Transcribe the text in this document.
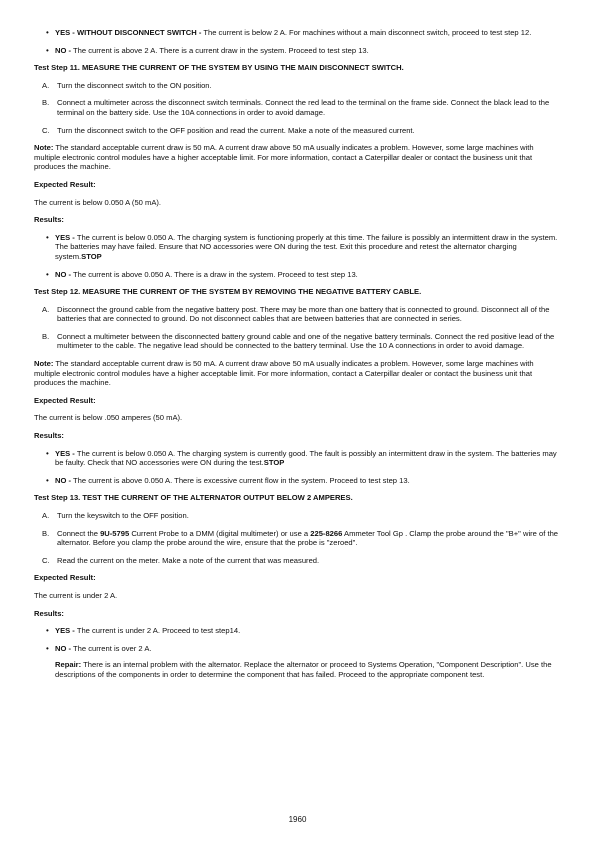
• YES - WITHOUT DISCONNECT SWITCH - The current is below 2 A. For machines without a main disconnect switch, proceed to test step 12.
• NO - The current is above 2 A. There is a current draw in the system. Proceed to test step 13.

Test Step 11. MEASURE THE CURRENT OF THE SYSTEM BY USING THE MAIN DISCONNECT SWITCH.

A. Turn the disconnect switch to the ON position.
B. Connect a multimeter across the disconnect switch terminals. Connect the red lead to the terminal on the frame side. Connect the black lead to the terminal on the battery side. Use the 10A connections in order to avoid damage.
C. Turn the disconnect switch to the OFF position and read the current. Make a note of the measured current.

Note: The standard acceptable current draw is 50 mA. A current draw above 50 mA usually indicates a problem. However, some large machines with multiple electronic control modules have a higher acceptable limit. For more information, contact a Caterpillar dealer or contact the business unit that produces the machine.

Expected Result:

The current is below 0.050 A (50 mA).

Results:

• YES - The current is below 0.050 A. The charging system is functioning properly at this time. The failure is possibly an intermittent draw in the system. The batteries may have failed. Ensure that NO accessories were ON during the test. Exit this procedure and retest the alternator charging system.STOP
• NO - The current is above 0.050 A. There is a draw in the system. Proceed to test step 13.

Test Step 12. MEASURE THE CURRENT OF THE SYSTEM BY REMOVING THE NEGATIVE BATTERY CABLE.

A. Disconnect the ground cable from the negative battery post. There may be more than one battery that is connected to ground. Disconnect all of the batteries that are connected to ground. Do not disconnect cables that are between batteries that are connected in series.
B. Connect a multimeter between the disconnected battery ground cable and one of the negative battery terminals. Connect the red positive lead of the multimeter to the cable. The negative lead should be connected to the battery terminal. Use the 10 A connections in order to avoid damage.

Note: The standard acceptable current draw is 50 mA. A current draw above 50 mA usually indicates a problem. However, some large machines with multiple electronic control modules have a higher acceptable limit. For more information, contact a Caterpillar dealer or contact the business unit that produces the machine.

Expected Result:

The current is below .050 amperes (50 mA).

Results:

• YES - The current is below 0.050 A. The charging system is currently good. The fault is possibly an intermittent draw in the system. The batteries may be faulty. Check that NO accessories were ON during the test.STOP
• NO - The current is above 0.050 A. There is excessive current flow in the system. Proceed to test step 13.

Test Step 13. TEST THE CURRENT OF THE ALTERNATOR OUTPUT BELOW 2 AMPERES.

A. Turn the keyswitch to the OFF position.
B. Connect the 9U-5795 Current Probe to a DMM (digital multimeter) or use a 225-8266 Ammeter Tool Gp . Clamp the probe around the "B+" wire of the alternator. Before you clamp the probe around the wire, ensure that the probe is "zeroed".
C. Read the current on the meter. Make a note of the current that was measured.

Expected Result:

The current is under 2 A.

Results:

• YES - The current is under 2 A. Proceed to test step14.
• NO - The current is over 2 A.

Repair: There is an internal problem with the alternator. Replace the alternator or proceed to Systems Operation, "Component Description". Use the descriptions of the components in order to determine the component that has failed. Proceed to the appropriate component test.

1960
